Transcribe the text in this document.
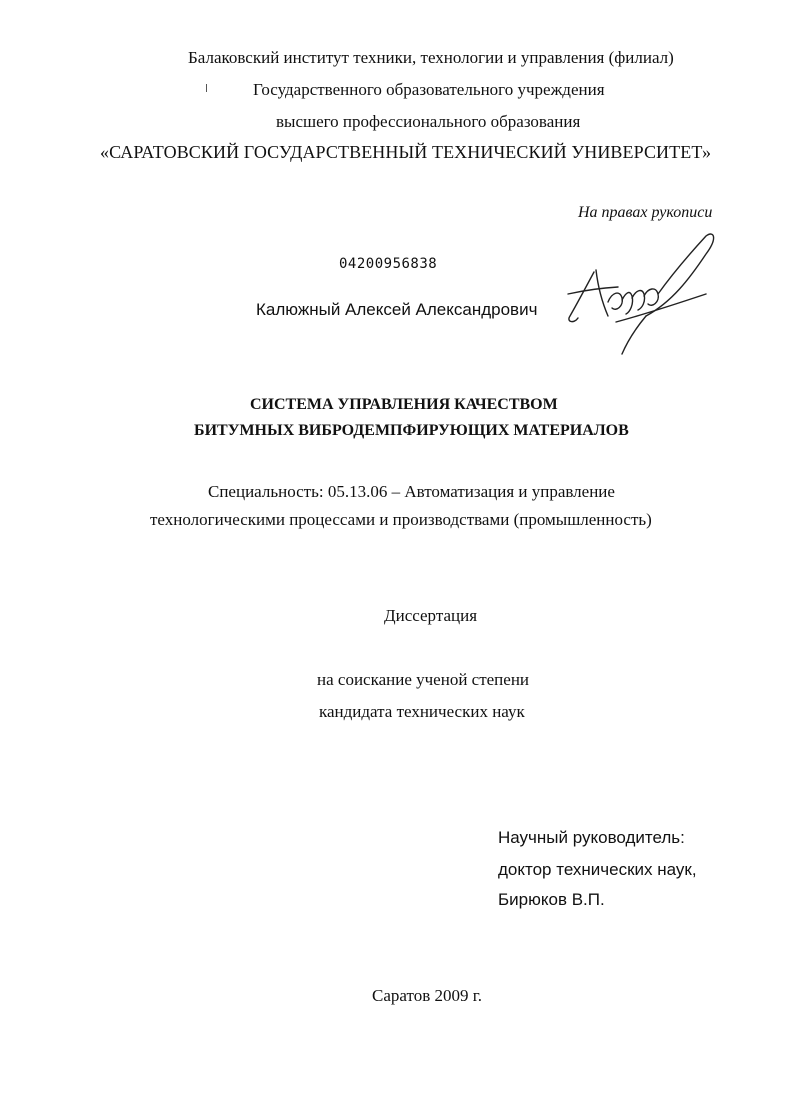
Балаковский институт техники, технологии и управления (филиал)
Государственного образовательного учреждения
высшего профессионального образования
«САРАТОВСКИЙ ГОСУДАРСТВЕННЫЙ ТЕХНИЧЕСКИЙ УНИВЕРСИТЕТ»
На правах рукописи
04200956838
Калюжный Алексей Александрович
СИСТЕМА УПРАВЛЕНИЯ КАЧЕСТВОМ
БИТУМНЫХ ВИБРОДЕМПФИРУЮЩИХ МАТЕРИАЛОВ
Специальность: 05.13.06 – Автоматизация и управление
технологическими процессами и производствами (промышленность)
Диссертация
на соискание ученой степени
кандидата технических наук
Научный руководитель:
доктор технических наук,
Бирюков В.П.
Саратов 2009 г.
